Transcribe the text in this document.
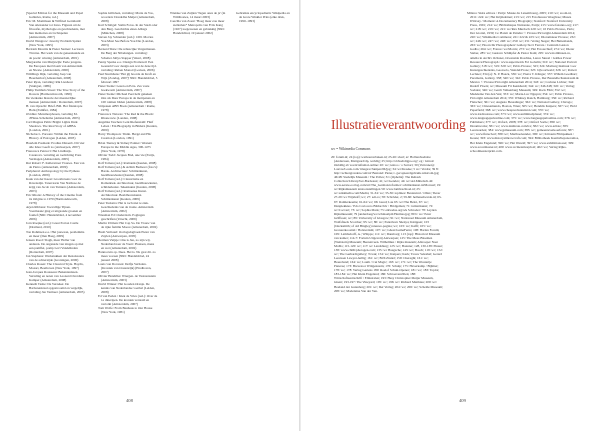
[Special Edition for the Museum and Papal Galleries, Rome, n.d.]
Eric M. Mommsen & Wilfried Gernhardt: Van Alexander tot Zeno. Figuren uit de filosofie, mythologie en geschiedenis, met hun memoires en Lichtspelen (Amsterdam, 2007)
David Wengrow: Jewelry Problem Spider (New York, 1995)
Bertram Mourits & Pieter Steiner: Lectoren Tiverna. Het werk van de geneeskunde en de poetic wireing (Amsterdam, 2001)
Margaretha van Muijswijk: Eerie jongens. De Europees met bloem van Amsterdam en Nieuw. (Amsterdam, 2000)
Wildlings Dijk, vertaling Jaap van Heerdenhof (Amsterdam, 2008)
Peter Ryan, vertaling: Rik Lieshout (Stuttgart, 1986)
Philip Tumbula Street: The True Story of the Rowers (Harmondsworth, 1999)
De vierkante historie der meesterlijke mensen (Amsterdam / Rotterdam, 2007)
H. van Oprecht: Brief. Bill. Het filantropie Holk (Pamflet, 1984)
Ovidius: Metamorphosen, vertaling M. d'Hane-Scheltema (Amsterdam, 2003)
Carl Magnus Palm: Bright Lights Dark Shadows. The Real Story of ABBA (London, 2001)
Nicholas L. Parsons: Within the Extent. A History of Estrogen (Leiden, 2003)
Haarlem Pasmark: Prodius Dinaerb. Dit vier alle Islea: Geeft zo (Antwerpen, 2007)
Francesca Petrucci: Het Lindhuijs. Casanova. vertaling en toelichting Pons Vermagen (Amsterdam, 2005)
Rui Robert: F. Kallerstraat Vrouwe. Een van de Pietro (Amsterdam, 2009)
Peripheral: Anthropology by the Pytheas (London, 2009)
Kaak van der Keest: Groothavens voor de Ravenstijn. Tanevaarte Van Nattlose de krijg van Jacob van Tuiniers (Amsterdam, 2003)
Eric Rhode: A History of the Cinema from its Origins to 1970 (Harmondsworth, 1978)
Arjen Ribbens: Toevallige Tijnen. Voermaanz ging er uitgaande groeien en foutief (NRC Handelsblad, 4 november 2006)
Jorn Roepke (red.): Great Porton Castle (Dreiland, 2010)
Ton Rohmsen e.a.: Het jouwaan, postlemma en meer (Den Haag, 2009)
Jensen Rood: Slagh, meer Holler van anderen. De ongenade van zingen op met een pamflet, pomp Levi Vandelinden (Rotterdam, 2007)
Jan Stephens: Werkstukken der Renaissance van de achterzijde (Groningen, 2000)
Charles Rosen: The Classical Style. Haydn, Mozart, Beethoven (New York, 1997)
Jean-Jacques Rousseau: Bekentenissen. Vertaling en noten van Leonard Overduin Kamper (Amsterdam, 2008)
Kenneth Tashe: De Verzeker. De Barbarenkraal opgestroomd en vergelijk, vertaling Jan Vermeer (Amsterdam, 2005)
Sophie Gillicken, vertaling: Marie de Vos, woorden: Donaldha Meijer (Amsterdam, 2008)
Karl Schlögel: Stalin Fotos. In der Stadt oder den Berg. Geschichte eines Alltags (München, 2008)
Steven Jay Schneider (red.): 1001 Movies You Must See Before You Die (London, 2003)
Bernard Shaw: De rebuscijke Vergermenen. De Berg der Nibelungen. vertaling: Schetter Juliya Stapper (Weert, 2008)
Penny Sparke e.a.: Design Promoted: Een Geesteld voor design een wat de deze tijd. vertaling: Ruben Monod (Leuven, 2006)
Paul Sturmhans: 'Het gij hoorde de Kraft en Wijz (Zondag, 2007)' NRC Handelsblad, 5 februari 1997
Pieter Steinz: Lezen en Ezra. Zes vaste boekworm (Amsterdam, 2007)
Pieter Steinz: Michael Peet hebt gekeken Ons als Duor Europa in de metrpenen en 100 rolmen bliden (Amsterdam, 2008)
Stripsteen ABN Book (Amsterdam / Rome, 1978)
Francesca Tisioras: 'The Red & the Black'. Rhone new (Londen, 1998)
Angelika Taschen: Leni Riefenstahl: Fünf Leben / Ein Biography in Bildern (Keulen, 2000)
Harry Thompson: Tintin. Hergé and His Creation (London, 1991)
Brian Tierney & Sidney Painter: Western Europe in the Middle Ages, 300-1475 (New York, 1978)
Olivier Todd: Jacques Brel, une vie (Parijs, 1984)
Rolf Toman (red.): Romanik (Keulen, 2008)
Rolf Toman (red.) & Achim Bednorz (foto's): Barok. Architectuur: Schilderkunst, beeldhouwkunst (Keulen, 2008)
Rolf Toman (red.): Classicisme en Romantiek. Architectuur, beeldhouwkunst, schilderkunst. Tekenkunst (Keulen, 2008)
Rolf Toman (red.): Romaanse Kunst. Architectuur. Beeldhouwkunst. Schilderkunst (Keulen, 2009)
Peter Turkstra: Het is toch niet te ziek. Geschiedenis van de ironie. Amsterdam (Amsterdam, 2002)
Wiesman Ed: Ouderdom. Pogingen geschriften (Utrecht, 2009)
Martin Ultman: Het Cap Sa. De Vrouw van de rijke familie Moore (Amsterdam, 2002)
Huub Verbaud: Oorlogsdagboek Pieter van Zuylen (Antwerpen, 2005)
Herman Vuijsje: Ons is Jan, zo zijn wij. Nederland naar de Vaart: Plaatsen, mens en wet (Amsterdam, 2002)
Hanna ruin op. Dees. Het is. Nu gaat dit. zo mees worsen (NRC Handelsblad, 24 januari 2008)
Louis van Doveren: Delfje Verhalen. (Kroniek van Oostenrijk) (Eindhoven, 2007)
Olivier Hendriks: Wiergen. de Vaststenstein (Amsterdam, 2003)
David Winner: Het Gouden Oranje. De kennis van Nederlandse voetbal (Leiden, 2008)
Ed van Eeden / Kiek de Vries (red.): Over de 1e dinertpen. De kroniek vertaald en vertolkt (Amsterdam, 2007)
Tom Wolfe: From Bauhaus to Our House (New York, 1981)
Wietske van Zuijlen 'Tegen onze de je' (in Wildhouwe, 14 maart 2003)
Caecilia van Zoest: 'Hoeg maar zou meer stellerlen?' Metropolis van Frits Kang (1927) toegewezen en gebrekkig (NRC Handelsblad, 19 januari 2002)
Gebruikte encyclopedieën: Wikipedia en de Grote Winkler Prins (elke druk, 1990–1993)
408
Illustratieverantwoording
wc = Wikimedia Commons
20: fotum.nl; 24 (top): wethouverbaken.nl; 25-26: sh.nl; ar: Hollandwebsite (Anderssen, Mattgaard/dp, webdig; 25; http://oldwebdigpa.org/; eg / Gitnol: Oulddig ab wordcraftsmal-online: 20: wc; tentoo / o Sartori; 30 (Vaticanen): Louvre/Louis.com/ image/z/Juniper20i/jpg; 34: wc/Kreeke; 5 wc/ Verdre; 39 8: http://achtergronden.com/nl/ Bestand: Pieter,1. gecopieerdgebruik.wikicom.jpg; 46/48: Stedelijk Museum / The Polles; 3/1 (Ophelia): The Rehash Collection/Library/ber-Bordeaux; 41; wc/Gendzo; 44: wc/Ad.Mittelsch.42: www.eerste-oorlog.com/art/The_German/reformer/ schilderkunst.nl/Morreel; 19: wc/Rijksmuseum tentoonstellingen 50: www.lambrechtoel.nl; 25: wc.wikimedia.com/Media; 31-34: wc; 35-36: toplines/ Bestand.nl / Ollex; Tierer 27-29: wc Wijshoff; wc; 27: seb.ro; 58: Schröder, 2; 59-60: hellenedwarde.nl; 63-67: Ramlerkeeme; 61-64: wc; 66: Guud; Lau 65: wc/The Beloi, 67: wc; Dunplekkies / Edo Cortocero Bildarchiv / Bridgeman; 71: tuttiartkunst; 72: wc/Cocvert; 73: wc; Sophia Mark; 75: eikvadas.org/wk Schroder: 78: Leyden Rijksmuseum; 79 (anderdaag/wc/schinaalpt2/Hermes.jpg; 80 b: wc/ Peter Griffioen; wc; 89: University of Glasgow; 91: wc; Nationaal Museum Amsterdam, Wolfsfieels Scorcher; 95: wc; 80: wc; Paderborn Shenya; Knäppen; 103 (blacksmith; of old Bingley) nieuwe-pagina; wc; 103: wc; Kaffi; 105: wc; Gronerzkoosinti / Holsterdam; 107: wc; Ghost/GameFerns; 108: Harlan Forum; 109: Lambsdorff, A.; Whipps; 111: wc; Dansborg; 113 (top): Historical Museum van kamer; 114-7: Fortuin Uitgeverij Antwerpen; 125: The Meer-Bloemen (Wettstein) Museum; Heerenveen. Wilhelmus / Rijks museum; Abtroeper Naar Mollis; 115-120: wc; 117: wc Landsburg; 125: wc; Bonnier; 128, 130-138: Pinaut; 138: www.chilli/photogen.com; 135: wc Haagsche; 143: wc; Bosch; 119: wc; 152: wc; The Gerhardtgallery; Tovak; 154: wc; Kuipers; Kerk; Trouw Seleshel; Gerard Leeuwen Lawyer-hellig; 161: wc; BdT-Zindel; 159: Cheraghi; 161: wc; Heereband; 164: wc; Lauth / Cut Magic; 163: wc; 171: wc; The Woutertje Pieterse; 173: Brevetoor Wittgenstein; 176: Schulp; 175: Haverkamp / Bijlmer; 178: wc; 178: Verlag Gartens 180: Roelof Schuit-Opener; 181: wc; 183: Toplot; 183-184: wc; Het Klein Engeland; 186: Schroevenvillen; 188: Wirtschaftszeitschrift / Elmstralen; 193: Hesy Christopher Meijer Museum, Ghent; 193-197: The Vineyard; 195: wc; 196: wc/ Richard Matthieu; 200: wc/ Heeland der Gutenberg; 201: wc; Der Verlag; 204: wc; 206: wc; Schelde Museum; 208: wc; Madeleine Van der Ven.
Milano: Skira editore / Parijs: Musée du Luxembourg, 2005; 210: wc; zoom.nl, 2011: 224: wc; Het Krijtkabinet; 213: wc; 215 Fotobureau Weegbree; Musée D'Orsay / Moment: A Documentary Biography; Stanford: Stanford University Press, 1991; 214: wc; Bibliothèque Nationale, Parijs; 215: www.faxanno.org; 217: wc; 218: wc; 219: wc; 221: wc/Rex Murdoch 220: wc; 10 Pablo Picasso, Paris; Der Gioriel, 1939; Ce Plaisir de Peindre © Picasso/Pictoright Amsterdam 2014; 220: wc; Wikimedia Commons; 221: 222 & 223: wc; Dioramaleer Picasso; 232: wc; 246: wc; 247: wc; 248: wc; 250: wc; 251: Verlag Sieger; Het Buitenlands, 263: wc; Hoorn Ihr Photographers' Gallery/Jacci Ferrara / Centrum Gaston Gadbo; 264: wc; France: wc/Morris; 273: wc; Het Fotoarchief; 274: wc; Dieter Sieber, 285: wc; Gustave Schülpfer & Pastor Kam; 295: www.homlinsen.ru, amelia in Archiv Ochsner, Oceanside Roschke, Lance Skreel / Galilee Power Resource/Photograph / www.supernwick Fol Gobelin; 310: wc; National Portrait Gallery; 318: wc; 319: 320: wc; Pablo Picasso; 323; 324: Marburg Instituut voor Kunstgeschiedenis, Geotoolo, Wendel/Proze; 325: bijvoorbeeld; 326: wc; Robert Lechner; 334 (a): N. P. Haack, 336: wc; Pierre T. Klinger; 337: Willem Goedhart; Paramatta, Gallery, 338; 340: wc; 342: Pablo Picasso, Der Baustelle/Kunstraum & Mexico © Picasso/Pictoright Amsterdam 2014; 343: wc; Corinne Lichter; 344: Rudolf Ploetz; wc; Museum Fri Kenkhardt; 344: wc; 346-348; 345: wc; Verlag; Sodales; 346: wc; Gerrit Valkenburg Museum; 349: Rock Film; 352: wc; Madeleine Van den Ven; 353: wc; Marie-Luc Nguyen; 354: wc; Pablo Picasso, Pictoright Amsterdam 2014; 355: Whitney Ranch, Hamburg; 356: wc; Richard Fleischer; 361: wc; Augusto Bessalinger; 362: wc; National Gallery, Chicago; 363: wc; Chiesamundo, Boston, Wien; 365: wc; Hendrik Kuipers; 367: wc; Hold Paperfield; 368: wc; www.cheapwebstandard.com; 370: wc; www.tradiostone.com; 373: wc; www.unlimitedplanet; 374: wc; www.languagepubonline.com; 375: wc; www.languagepubonline.com; 376: wc; Publishers; 377: wc; Oxford, 2008; 378: wc; Oxford Sortie; 380: wc; Dreamworks; 381: wc; www.nishirate.com/tra; 382: wc; www.artiste; 383: Leeuwarden; 384: www.jpmuseum.com; 385: wc; gemeenteverkoerfonts; 387: wc; www.fintech.nl; 389: wc; Marthaoleander, 390: wc; Kitrouin Filmpakken / Keuze; 393: www.historysimrowcraft.com; 394: Bibliotheek Kaamvliepanoramos, Het Klein Engeland; 396: wc; Het Wereld; 397: wc; www.exhibitions.net; 399: www.scoutmaster.nl; 400: www.wcmetamorph.nl; 402: wc; Verlag Rijks-schoolmeesterprint.com.
409
